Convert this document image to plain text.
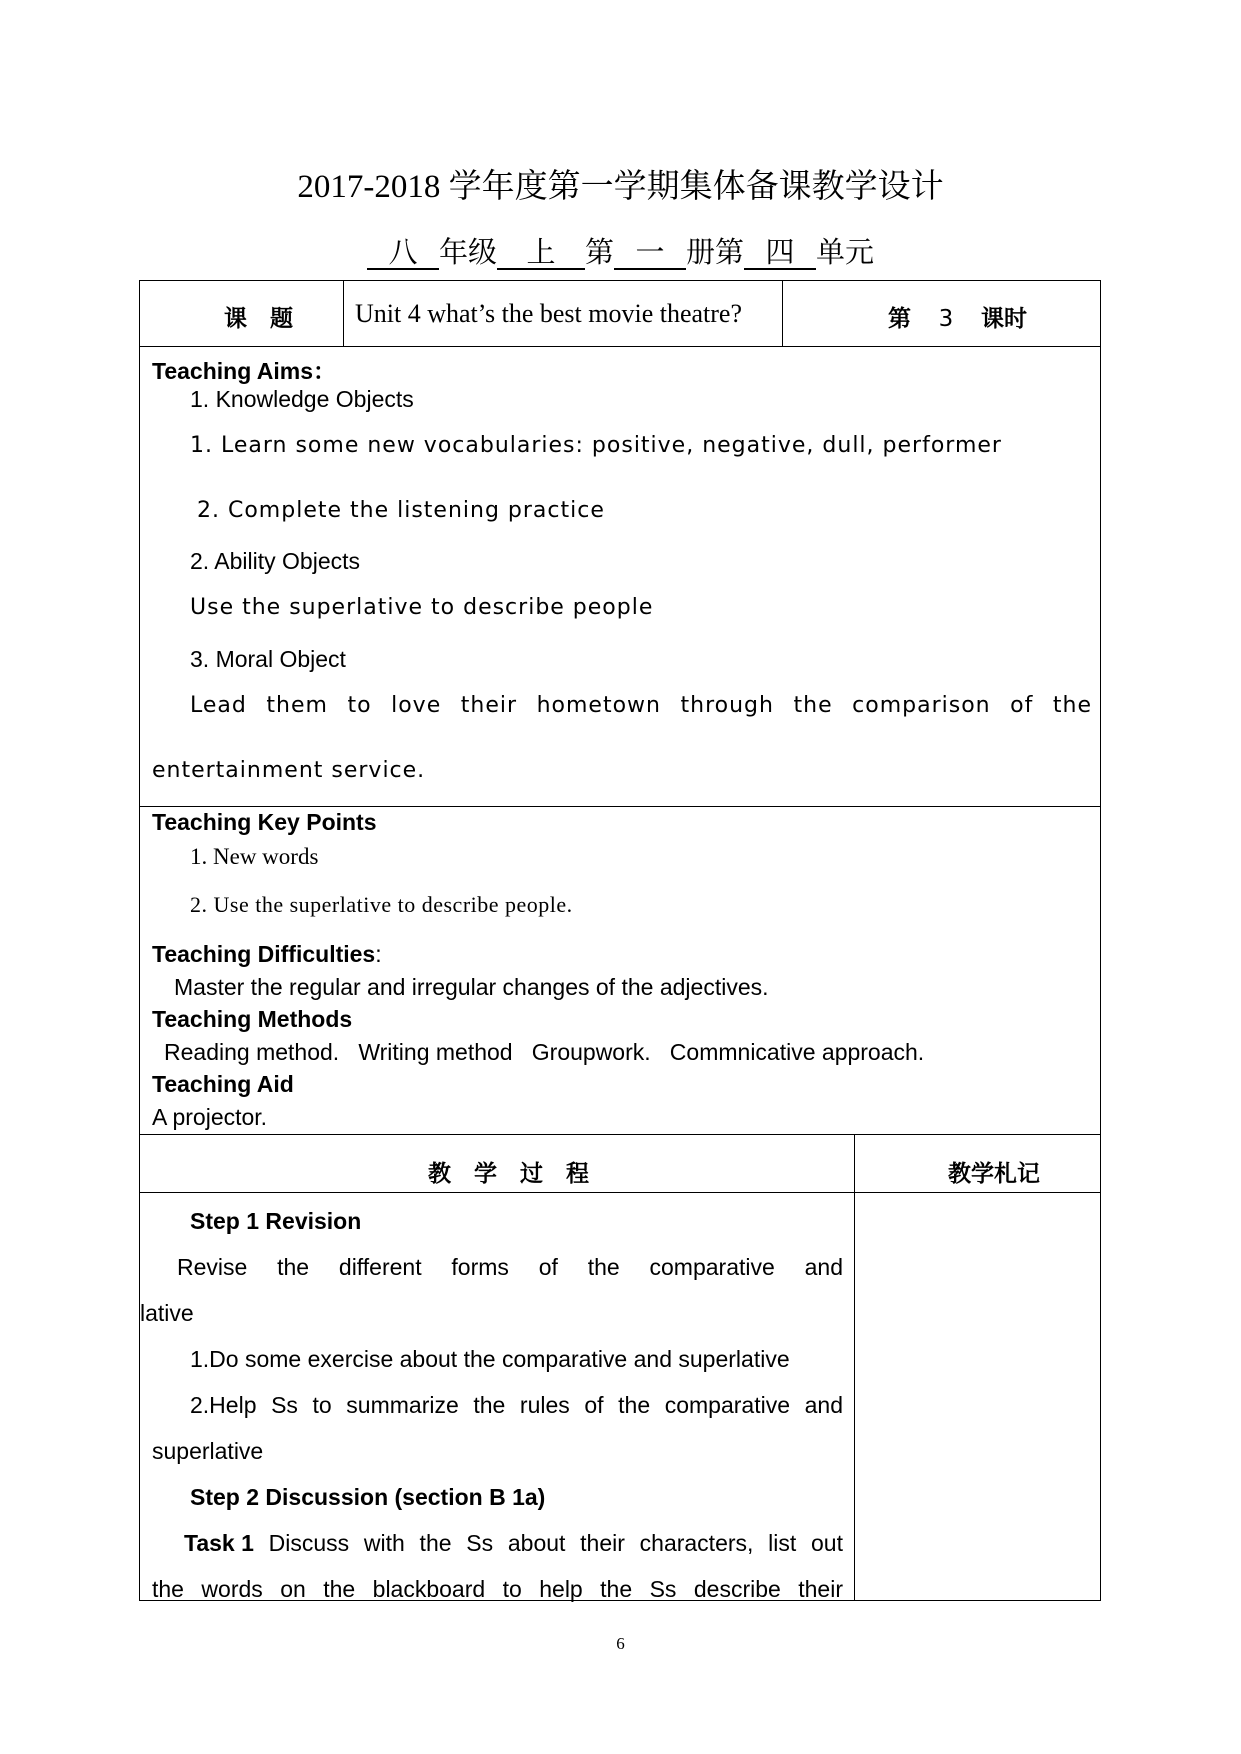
2017-2018 学年度第一学期集体备课教学设计
八 年级 上 第 一 册第 四 单元
课　题 Unit 4 what’s the best movie theatre?	第 3 课时
Teaching Aims：
1. Knowledge Objects
1. Learn some new vocabularies: positive, negative, dull, performer
2. Complete the listening practice
2. Ability Objects
Use the superlative to describe people
3. Moral Object
Lead them to love their hometown through the comparison of the
entertainment service.
Teaching Key Points
1. New words
2. Use the superlative to describe people.
Teaching Difficulties:
Master the regular and irregular changes of the adjectives.
Teaching Methods
Reading method.   Writing method   Groupwork.   Commnicative approach.
Teaching Aid
A projector.
教　学　过　程	教学札记
Step 1 Revision
Revise the different forms of the comparative and
lative
1.Do some exercise about the comparative and superlative
2.Help Ss to summarize the rules of the comparative and
superlative
Step 2 Discussion (section B 1a)
Task 1 Discuss with the Ss about their characters, list out
the words on the blackboard to help the Ss describe their
6
